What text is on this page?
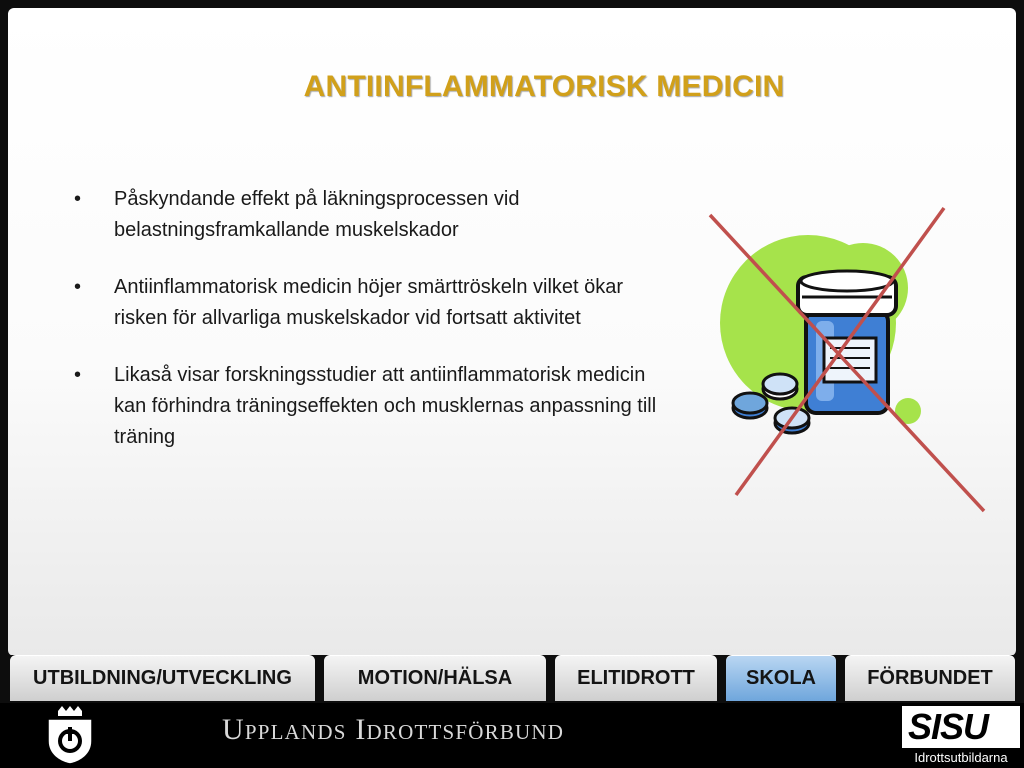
ANTIINFLAMMATORISK MEDICIN
• Påskyndande effekt på läkningsprocessen vid belastningsframkallande muskelskador
• Antiinflammatorisk medicin höjer smärttröskeln vilket ökar risken för allvarliga muskelskador vid fortsatt aktivitet
• Likaså visar forskningsstudier att antiinflammatorisk medicin kan förhindra träningseffekten och musklernas anpassning till träning
UTBILDNING/UTVECKLING	MOTION/HÄLSA	ELITIDROTT	SKOLA	FÖRBUNDET
Upplands Idrottsförbund	SISU
Idrottsutbildarna
